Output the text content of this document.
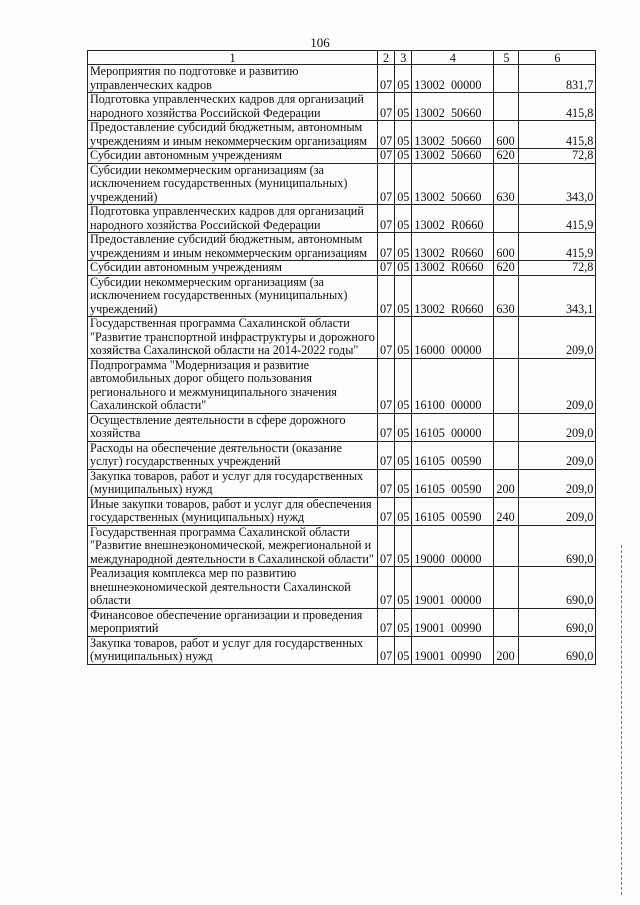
106
1	2	3	4	5	6
Мероприятия по подготовке и развитию управленческих кадров	07	05	13002  00000		831,7
Подготовка управленческих кадров для организаций народного хозяйства Российской Федерации	07	05	13002  50660		415,8
Предоставление субсидий бюджетным, автономным учреждениям и иным некоммерческим организациям	07	05	13002  50660	600	415,8
Субсидии автономным учреждениям	07	05	13002  50660	620	72,8
Субсидии некоммерческим организациям (за исключением государственных (муниципальных) учреждений)	07	05	13002  50660	630	343,0
Подготовка управленческих кадров для организаций народного хозяйства Российской Федерации	07	05	13002  R0660		415,9
Предоставление субсидий бюджетным, автономным учреждениям и иным некоммерческим организациям	07	05	13002  R0660	600	415,9
Субсидии автономным учреждениям	07	05	13002  R0660	620	72,8
Субсидии некоммерческим организациям (за исключением государственных (муниципальных) учреждений)	07	05	13002  R0660	630	343,1
Государственная программа Сахалинской области "Развитие транспортной инфраструктуры и дорожного хозяйства Сахалинской области на 2014-2022 годы"	07	05	16000  00000		209,0
Подпрограмма "Модернизация и развитие автомобильных дорог общего пользования регионального и межмуниципального значения Сахалинской области"	07	05	16100  00000		209,0
Осуществление деятельности в сфере дорожного хозяйства	07	05	16105  00000		209,0
Расходы на обеспечение деятельности (оказание услуг) государственных учреждений	07	05	16105  00590		209,0
Закупка товаров, работ и услуг для государственных (муниципальных) нужд	07	05	16105  00590	200	209,0
Иные закупки товаров, работ и услуг для обеспечения государственных (муниципальных) нужд	07	05	16105  00590	240	209,0
Государственная программа Сахалинской области "Развитие внешнеэкономической, межрегиональной и международной деятельности в Сахалинской области"	07	05	19000  00000		690,0
Реализация комплекса мер по развитию внешнеэкономической деятельности Сахалинской области	07	05	19001  00000		690,0
Финансовое обеспечение организации и проведения мероприятий	07	05	19001  00990		690,0
Закупка товаров, работ и услуг для государственных (муниципальных) нужд	07	05	19001  00990	200	690,0
